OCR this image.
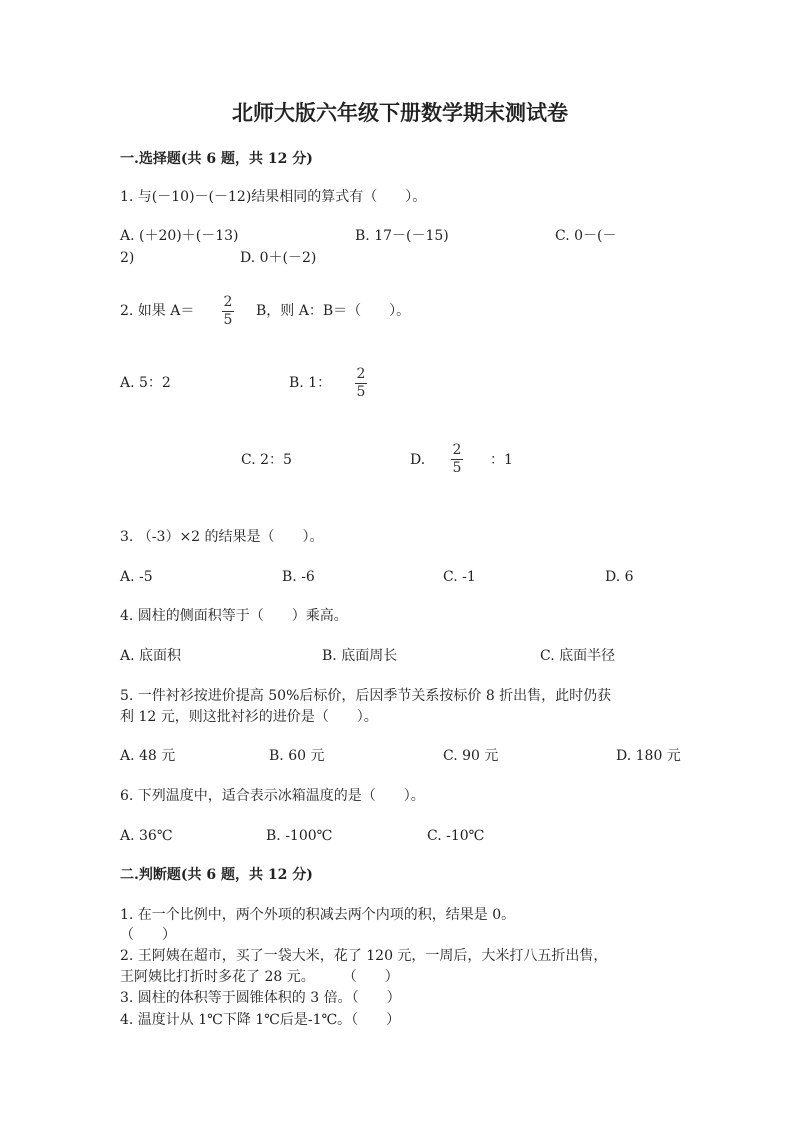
北师大版六年级下册数学期末测试卷
一.选择题(共 6 题，共 12 分)
1. 与(－10)－(－12)结果相同的算式有（　　）。
A. (＋20)＋(－13)	B. 17－(－15)	C. 0－(－
2)	D. 0＋(－2)
2. 如果 A＝
2
5
B，则 A：B＝（　　）。
A. 5：2	B. 1：
2
5
C. 2：5	D.
2
5 ：1
3. （-3）×2 的结果是（　　）。
A. -5	B. -6	C. -1	D. 6
4. 圆柱的侧面积等于（　　）乘高。
A. 底面积	B. 底面周长	C. 底面半径
5. 一件衬衫按进价提高 50%后标价，后因季节关系按标价 8 折出售，此时仍获
利 12 元，则这批衬衫的进价是（　　）。
A. 48 元	B. 60 元	C. 90 元	D. 180 元
6. 下列温度中，适合表示冰箱温度的是（　　）。
A. 36℃	B. -100℃	C. -10℃
二.判断题(共 6 题，共 12 分)
1. 在一个比例中，两个外项的积减去两个内项的积，结果是 0。
（　　）
2. 王阿姨在超市，买了一袋大米，花了 120 元，一周后，大米打八五折出售，
王阿姨比打折时多花了 28 元。　　　（　　）
3. 圆柱的体积等于圆锥体积的 3 倍。（　　）
4. 温度计从 1℃下降 1℃后是-1℃。（　　）
